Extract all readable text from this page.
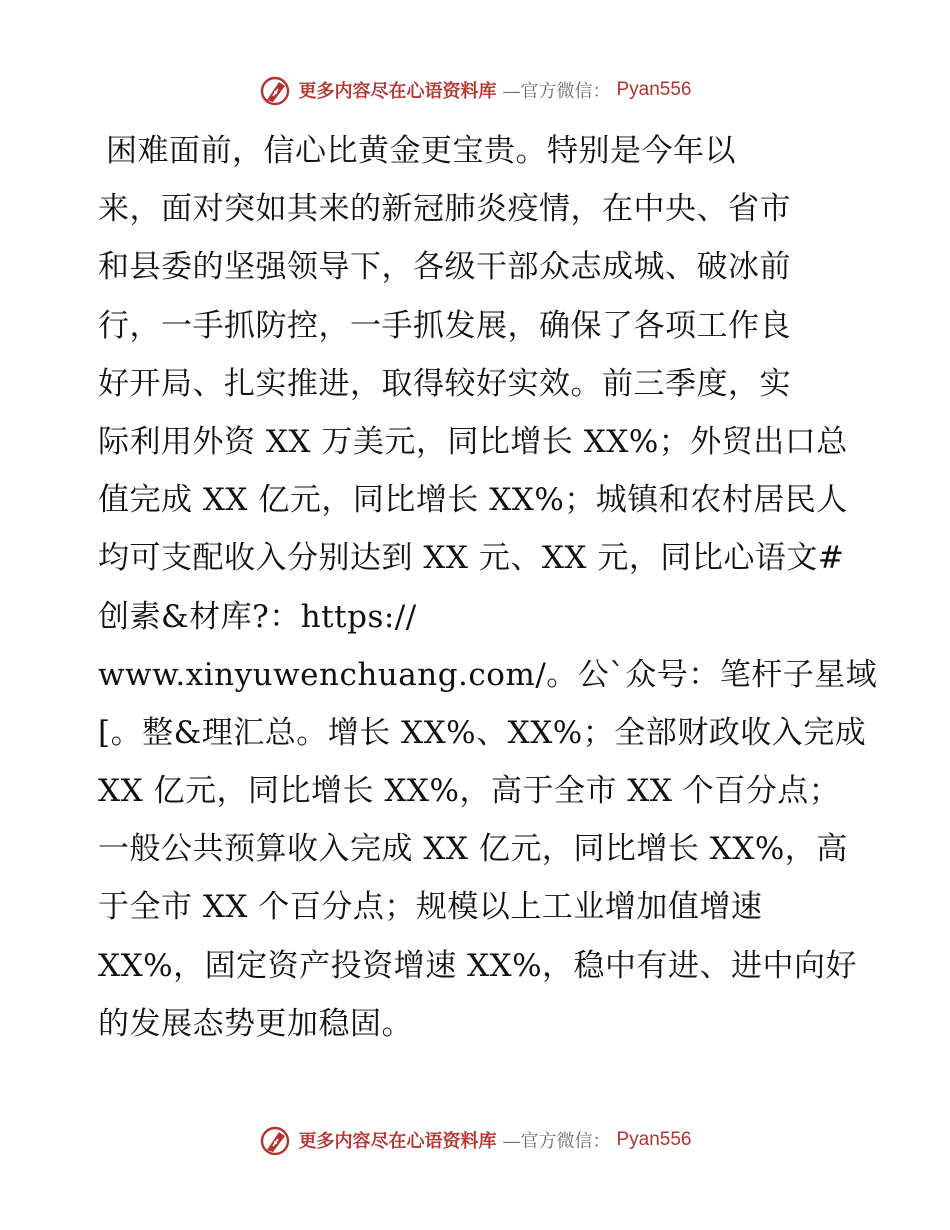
更多内容尽在心语资料库 —官方微信： Pyan556
困难面前，信心比黄金更宝贵。特别是今年以
来，面对突如其来的新冠肺炎疫情，在中央、省市
和县委的坚强领导下，各级干部众志成城、破冰前
行，一手抓防控，一手抓发展，确保了各项工作良
好开局、扎实推进，取得较好实效。前三季度，实
际利用外资 XX 万美元，同比增长 XX%；外贸出口总
值完成 XX 亿元，同比增长 XX%；城镇和农村居民人
均可支配收入分别达到 XX 元、XX 元，同比心语文#
创素&材库?：https://
www.xinyuwenchuang.com/。公`众号：笔杆子星域
[。整&理汇总。增长 XX%、XX%；全部财政收入完成
XX 亿元，同比增长 XX%，高于全市 XX 个百分点；
一般公共预算收入完成 XX 亿元，同比增长 XX%，高
于全市 XX 个百分点；规模以上工业增加值增速
XX%，固定资产投资增速 XX%，稳中有进、进中向好
的发展态势更加稳固。
更多内容尽在心语资料库 —官方微信： Pyan556
